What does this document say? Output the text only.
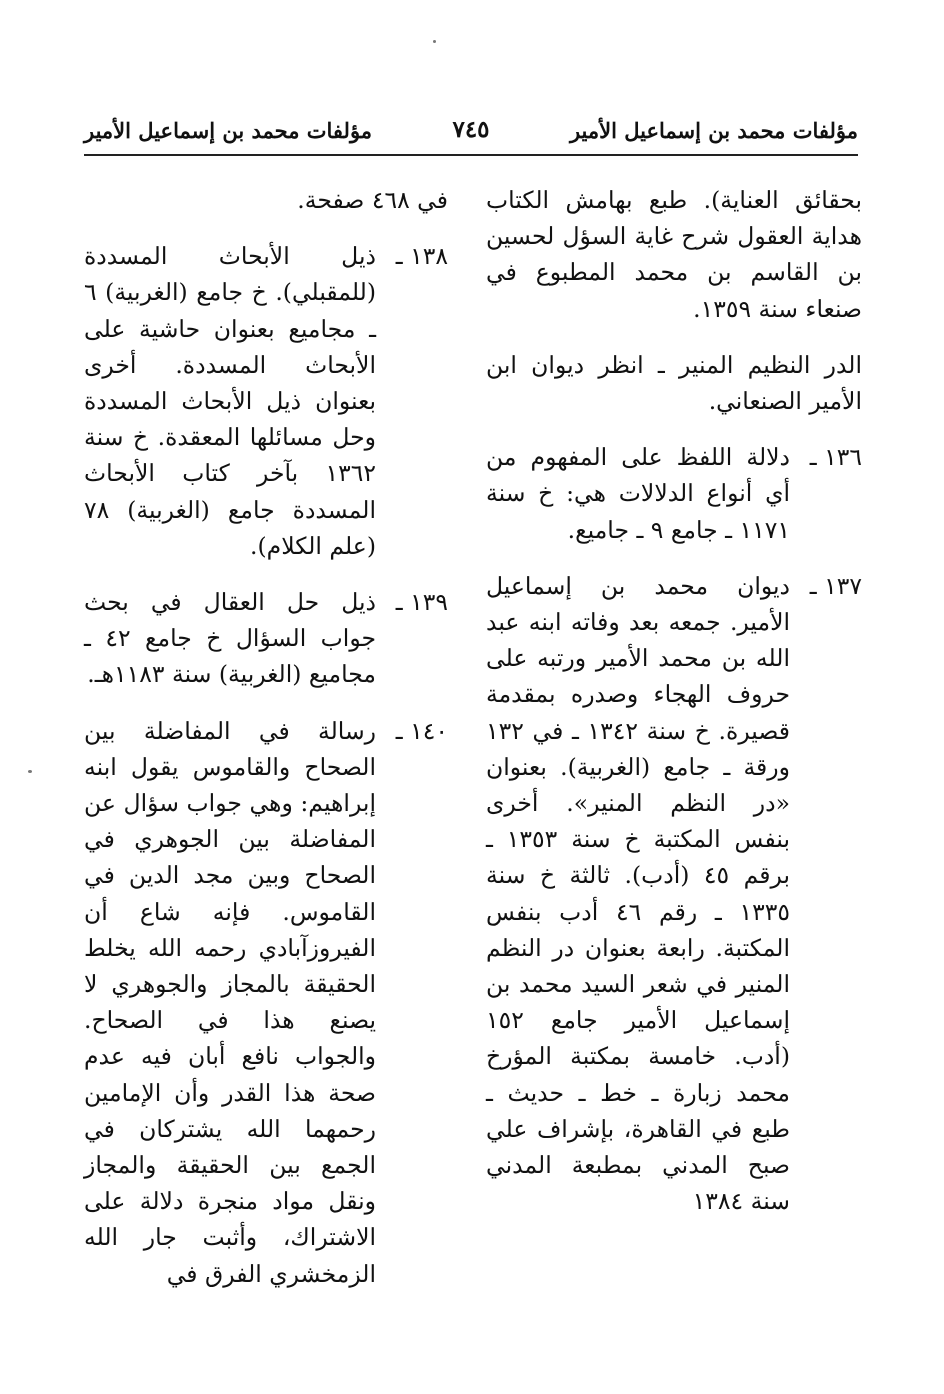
مؤلفات محمد بن إسماعيل الأمير
٧٤٥
مؤلفات محمد بن إسماعيل الأمير

بحقائق العناية). طبع بهامش الكتاب هداية العقول شرح غاية السؤل لحسين بن القاسم بن محمد المطبوع في صنعاء سنة ١٣٥٩.

الدر النظيم المنير ـ انظر ديوان ابن الأمير الصنعاني.

١٣٦ ـ
دلالة اللفظ على المفهوم من أي أنواع الدلالات هي: خ سنة ١١٧١ ـ جامع ٩ ـ جاميع.

١٣٧ ـ
ديوان محمد بن إسماعيل الأمير. جمعه بعد وفاته ابنه عبد الله بن محمد الأمير ورتبه على حروف الهجاء وصدره بمقدمة قصيرة. خ سنة ١٣٤٢ ـ في ١٣٢ ورقة ـ جامع (الغربية). بعنوان «در النظم المنير». أخرى بنفس المكتبة خ سنة ١٣٥٣ ـ برقم ٤٥ (أدب). ثالثة خ سنة ١٣٣٥ ـ رقم ٤٦ أدب بنفس المكتبة. رابعة بعنوان در النظم المنير في شعر السيد محمد بن إسماعيل الأمير جامع ١٥٢ (أدب. خامسة بمكتبة المؤرخ محمد زبارة ـ خط ـ حديث ـ طبع في القاهرة، بإشراف علي صبح المدني بمطبعة المدني سنة ١٣٨٤

في ٤٦٨ صفحة.

١٣٨ ـ
ذيل الأبحاث المسددة (للمقبلي). خ جامع (الغربية) ٦ ـ مجاميع بعنوان حاشية على الأبحاث المسددة. أخرى بعنوان ذيل الأبحاث المسددة وحل مسائلها المعقدة. خ سنة ١٣٦٢ بآخر كتاب الأبحاث المسددة جامع (الغربية) ٧٨ (علم الكلام).

١٣٩ ـ
ذيل حل العقال في بحث جواب السؤال خ جامع ٤٢ ـ مجاميع (الغربية) سنة ١١٨٣هـ.

١٤٠ ـ
رسالة في المفاضلة بين الصحاح والقاموس يقول ابنه إبراهيم: وهي جواب سؤال عن المفاضلة بين الجوهري في الصحاح وبين مجد الدين في القاموس. فإنه شاع أن الفيروزآبادي رحمه الله يخلط الحقيقة بالمجاز والجوهري لا يصنع هذا في الصحاح. والجواب نافع أبان فيه عدم صحة هذا القدر وأن الإمامين رحمهما الله يشتركان في الجمع بين الحقيقة والمجاز ونقل مواد منجرة دلالة على الاشتراك، وأثبت جار الله الزمخشري الفرق في
